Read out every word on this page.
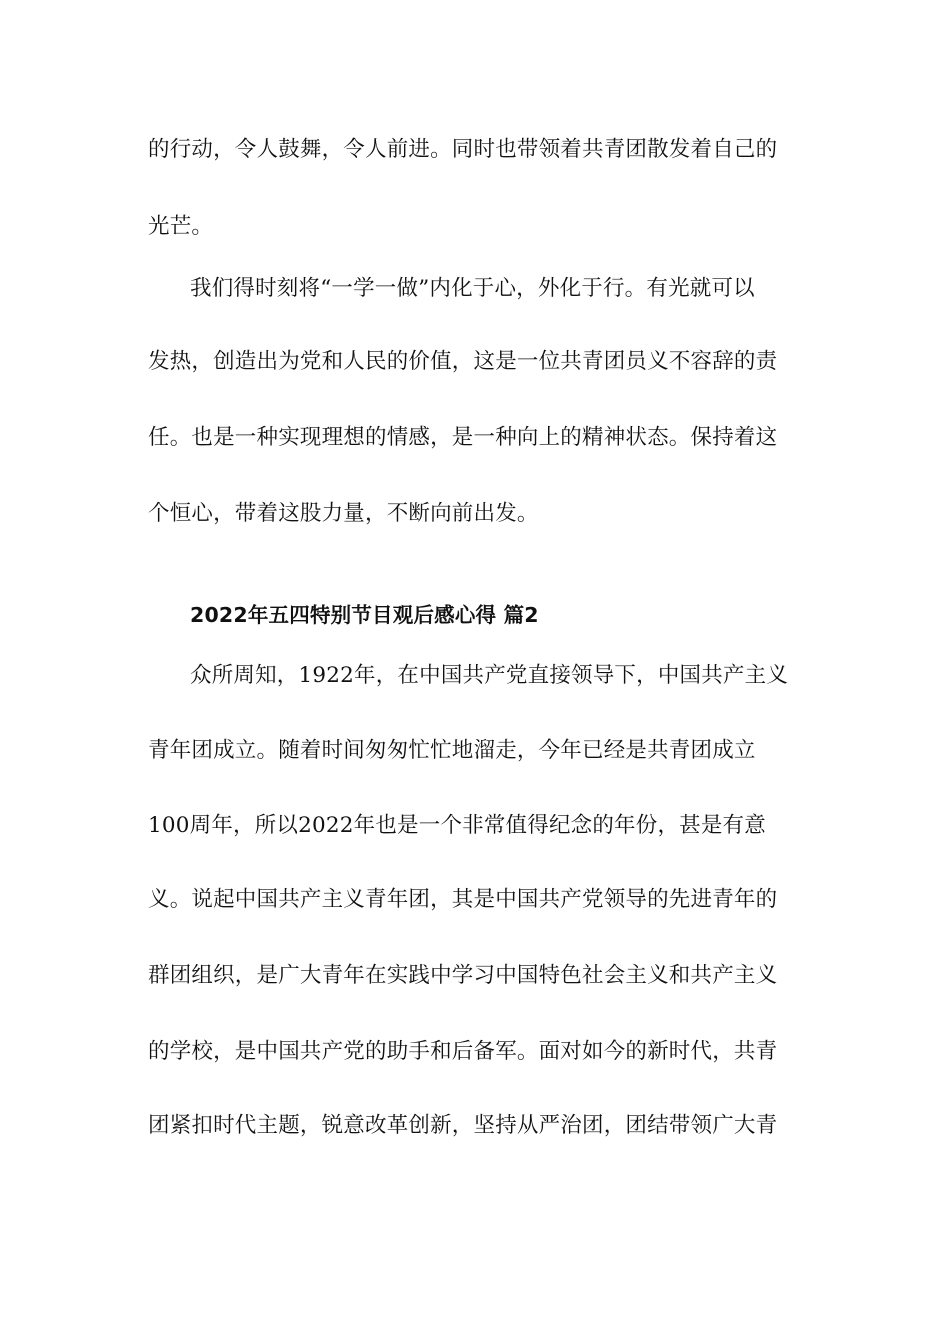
的行动，令人鼓舞，令人前进。同时也带领着共青团散发着自己的
光芒。
我们得时刻将“一学一做”内化于心，外化于行。有光就可以
发热，创造出为党和人民的价值，这是一位共青团员义不容辞的责
任。也是一种实现理想的情感，是一种向上的精神状态。保持着这
个恒心，带着这股力量，不断向前出发。
2022年五四特别节目观后感心得 篇2
众所周知，1922年，在中国共产党直接领导下，中国共产主义
青年团成立。随着时间匆匆忙忙地溜走，今年已经是共青团成立
100周年，所以2022年也是一个非常值得纪念的年份，甚是有意
义。说起中国共产主义青年团，其是中国共产党领导的先进青年的
群团组织，是广大青年在实践中学习中国特色社会主义和共产主义
的学校，是中国共产党的助手和后备军。面对如今的新时代，共青
团紧扣时代主题，锐意改革创新，坚持从严治团，团结带领广大青
